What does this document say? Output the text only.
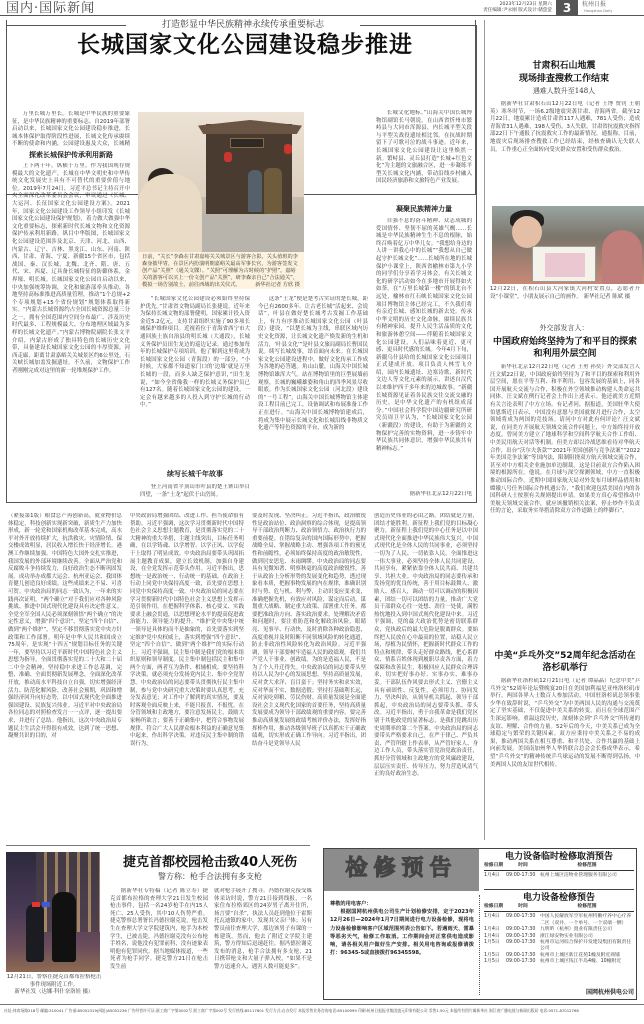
国内·国际新闻	2023年12月23日 星期六
责任编辑:尹永刚 版式设计:储萤萤 3	杭州日报
Hangzhou Daily
打造彰显中华民族精神永续传承重要标志
长城国家文化公园建设稳步推进

万里长城万里长。长城是中华民族的重要象征，是中华民族精神的重要标志。自2019年部署启动以来，长城国家文化公园建设稳步推进，长城本体保护取得阶段性进展，长城文化传承赓续不断的使命和内涵，公园建设惠及大众，长城精

探索长城保护传承利用新路

上下两千年，纵横十万里。作为我国现存规模最大的文化遗产，长城在中华文明史和中华传统文化发展史上具有不可替代的重要价值与地位。2019年7月24日，习近平总书记主持召开中央全面深化改革委员会会议，审议通过《长城、大运河、长征国家文化公园建设方案》。2021年，国家文化公园建设工作领导小组印发《长城国家文化公园建设保护规划》，着力做大做强中华文化重要标志，探索新时代长城文物和文化资源保护传承利用新路。纵目中华版图，长城国家文化公园建设范围涉及北京、天津、河北、山西、内蒙古、辽宁、吉林、黑龙江、山东、河南、陕西、甘肃、青海、宁夏、新疆15个省区市，包括战国、秦、汉长城，北魏、北齐、隋、唐、五代、宋、西夏、辽具备长城特征的防御体系，金界壕、明长城。长城国家文化公园自启动以来，中央加强统筹协调，文化和旅游部牵头推动，各地坚持高标准推进高质量管理，推动“1个总规+2个专项规划+15个省份规划”规划体系取得新实。“内蒙古长城资源约占全国长城资源总量三分之一，拥有全国范围内空间分布最广、涉及历史时代最多、工程规模最大、分布地理区域最为多样的长城文化遗产。”内蒙古博物院副院长张文平介绍，内蒙古形成了独具特色的长城历史文化带，具备建设长城国家文化公园的丰厚资源。河西走廊，距离甘肃嘉峪关关城景区约6公里处，石关峡长城加盖发掘遗址。不久前，文物保护工作者刚刚完成对这里的新一轮堆规保护工作。

日前，“关长”李森在甘肃嘉峪关关城景区与游客合影。关头值班的李森身披甲胄，在景区内扮演明朝嘉峪关最高军事长官，为游客签发文创产品“关照”（通关文牒）。“关照”可理解为古时候的“护照”。嘉峪关的游客可以买上一份文创产品“关照”，研李森亲自己“合法通关”，模拟一场告别故土、前往西域的出关仪式。	新华社记者 方欣 摄

“长城国家文化公园建设必须始终坚持保护优先。”甘肃省文物局副局长张捷说，近年来为保持长城文物的部署健明，国家累计投入资金近5.2亿元，支持甘肃组织实施了90多项长城保护维修项目。近视着位于青海省西宁市大通回族土族自治县的明长城（大通段），长城义务保护员田生龙边的巡边记录。通过参加每年的长城保护专项培训，他了解到这里将成为长城国家文化公园（青海段）的一部分。“小时候，大家都不知道家门口的‘边墙’就是万里长城的一段，而多人缺乏保护意识，”田生龙说，“如今全省像我一样的长城义务保护员已有127名。随着长城国家文化公园的建设，一定会有越来越多的人投入到守护长城的行动中。”

续写长城千年故事

登上河南省平顶山市叶县的楚王寨山举目四望，一条“土龙”起伏于山峦间。

这条“土龙”便是楚考古实证的楚长城，距今已有2600多年。让古老长城“活起来、会说话”，叶县在做好楚长城考古发掘工作基础上，有力有序推动长城国家文化公园（叶县段）建设，“以楚长城为主线，串联区域内历史文化资源，让长城文化遗产焕发新的生机和活力，‘叶县文化’”是叶县文旅局副局长曹国民说。续写长城故事，昂首面向未来。在长城国家文化公园建设进程中，做好文化传承工作成为各地的必答题。角山山麓，山海关中国长城博物馆雄浑大气。站在博物馆里的巨型展墙前观察，长城的巍峨雄姿和角山的四季风景尽收眼底。作为长城国家文化公园（河北段）建设的“一号工程”，山海关中国长城博物馆主体建设工程目前已完工，设备调试和布展准备工作正在进行。“山海关中国长城博物馆建成后，将成为集中展示长城文化和长城沿线非物质文化遗产等特色资源的平台，成为新的

长城文化地标。”山海关中国长城博物馆副馆长马朝说。在山西省忻州市繁峙县与大同市浑源县，内长城平型关段与平型关战役遗址相比邻。在抗战时期留下了可歌可泣的战斗事迹。近年来，长城国家文化公园建设让这里焕然一新。繁峙县、灵丘县打造“长城+红色文化”为主题的文旅融合区，进一步凝练平型关长城文化内涵，带动沿线乡村融入国民经济旅游和文旅特色产业发展。

凝聚民族精神力量

自强不息的奋斗精神、众志成城的爱国情怀、坚韧不屈的英雄气概……长城是中华民族精神生生不息的根脉，始终召唤着亿万中华儿女。“我想给身边的人讲一讲我心中的长城”“我想从自己做起守护长城文化”……长城所在地的长城保护小课堂上，陕西省榆林市第九小学的同学们分享着学习体会。有关长城文化的研学活动如今在多地市开展得如火如荼。在“万里长城第一楼”的镇北台不远处，榆林市红石峡长城国家文化公园项目博物馆主体已经完工，不久我们将有亲近长城、感知长城的新去处。传承中华文明的历史文化命脉，赓续民族共有精神家园。提升人民生活品质的文化和旅游休憩空间——伴随着长城国家文化公园建设，人们品味着更近、更可感、更具时代感的长城。今年4月下旬，新疆乌什县哈的长城国家文化公园项目正式建成开放。项目负责人林雪飞介绍，园内长城遗址、边塞诗歌、新时代文边人等文化元素的展示，讲述自汉代以来维护西千多年来的边城故事。“新疆长城资源见证着各民族交往交流交融的历史，是中华文化遗产的有机组成部分。”中国社会科学院中国边疆研究所研究员周卫平认为，“长城国家文化公园（新疆段）的建设，有助于为新疆的文物保护完善的实物资料，进一步铸牢中华民族共同体意识，增强中华民族共有精神标志。”

据新华社北京12月22日电

（紧接第1版）粮食总产再创新高，就业物价总体稳定，科技创新实现新突破，新质生产力加快形成，新一轮党和国家机构改革基本完成，高水平对外开放持续扩大，抗洪救灾、灾情险情、保交楼成效明显，居民收入增长快于经济增长。港澳工作继续加强。中国特色大国外交扎实推进，我国发展的外部环境继续改善。全面从严治党和反腐败斗争持续发力，良好政治生态不断巩固发展。成功举办成都大运会、杭州亚运会、我国体育健儿创造良好成绩。这些成绩来之不易、可喜可贺。中央政治局的同志一致认为，一年来的实践再次证明，“两个确立”对于我们应对各种风险挑战、推进中国式现代化建设具有决定性意义。全党全军全国人民必须深刻领悟“两个确立”的决定性意义，增强“四个意识”、坚定“四个自信”、做到“两个维护”，坚定不移贯彻落实党中央方针政策和工作部署。明年是中华人民共和国成立75周年，是实现“十四五”规划目标任务的关键一年，要坚持以习近平新时代中国特色社会主义思想为指导，全面贯彻落实党的二十大和二十届二中全会精神，坚持稳中求进工作总基调，完整、准确、全面贯彻新发展理念，全面深化改革开放，推动高水平科技自立自强，切实增强经济活力、防范化解风险、改善社会预期，巩固和增强经济回升向好态势，以中国式现代化全面推进强国建设、民族复兴伟业。习近平对中央政治局各位同志的对照检查发言一一点评，逐一提出要求，并进行了总结。他指出，这次中央政治局专题民主生活会开得很有成效，达到了统一思想、凝聚共识的目的，对

中央政治局增强团结、改进工作、担当使命很有帮助。习近平强调，这次学习贯彻新时代中国特色社会主义思想主题教育，是贯彻落实党的二十大精神的重大举措，主题主线突出，目标任务明确，在以学铸魂、以学增智、以学正风、以学促干上取得了明显成效。中央政治局要带头巩固拓展主题教育成果，建立长效机制，加强自身建设，在全党发挥示范带头作用。习近平指出，思想统一是政治统一、行动统一的基础。在政治上行动上同党中央保持高度一致，首先要在思想上同党中央保持高度一致。中央政治局的同志要在学习贯彻新时代中国特色社会主义思想上发挥示范引领作用，在把握科学体系、核心要义、实践要求上融会贯通，以思想理论水平的提高促进政治能力、领导能力的提升。“维护党中央集中统一领导是具体的而不是抽象的，首先要落实到坚定维护党中央权威上，落实到增强“四个意识”、坚定“四个自信”、做到“两个维护”的实际行动上。习近平强调，民主集中制是我们党的根本组织原则和领导制度。民主集中制包括民主和集中两个方面，两者互为条件、相辅相成。要坚持科学决策，就必须充分发扬党内民主、集中全党智慧。中央政治局的同志要带头贯彻执行民主集中制，参与党中央研究重大决策时要认真思考，充分发表意见；对工作中了解到的真实情况，要及时客观全面反映上来，不能只报喜、不报忧。在分管领域和主政地方，要注意发扬民主，鼓励大家畅所欲言；要善于正确集中，把符合事物发展规律、符合广大人民群众根本利益的正确意见集中起来，作出科学决策。对违反民主集中制的错误行为，

要及时发现、坚决纠正。习近平指出，政治敏锐性是政治站位、政治洞察的综合体现，是提高领导干部政治判断力、政治领悟力、政治执行力的重要前提。在错综复杂的国内国际形势中，把握战略全局、掌握战略主动、增强各项工作的预见性和前瞻性，必须始终保持高度的政治敏锐性，做到居安思危、未雨绸缪。中央政治局的同志要具有见微知著、明察秋毫的高度政治敏锐性，善于从政治上分析形势的发展变化和趋势，透过现象看本质，把握事物发展的内在规律，准确识别时与势、危与机、利与弊，主动识变应变求变，准确把握先机，有效应对风险，谋定而后动。谋划重大战略、制定重大政策、部署重大任务，都要把准政治方向、落实政治要求。处理解决矛盾和问题时，要注重防范和化解政治风险，眼睛亮、见事早、行动快，及时消除各种政治隐患，高度重视并及时阻断不同领域风险的转化通道，防止非政治性风险转化为政治风险。习近平强调，领导干部要树牢造福人民的政绩观。我们共产党人干事业、创政绩，为的是造福人民，不是为了个人升迁得失。中央政治局的同志要带头坚持以人民为中心的发展思想，坚持高质量发展，反对贪大求洋、盲目蛮干；坚持务实和求实效，反对华而不实、数据造假；坚持打基础利长远，反对寅吃卯粮、劳民伤财。高质量发展是全面建设社会主义现代化国家的首要任务，坚持高质量发展要成为领导干部政绩观的重要内容。要完善推动高质量发展的政绩考核评价办法，发挥好指挥棒作用，推动各级领导班子以真抓实干正确政绩观，切实形成正确工作导向。习近平指出，团结奋斗是党领导人民

创造历史伟业的必由之路。团结就是力量，团结才能胜利。新征程上我们党的目标凝心聚力，新征程上我们党的中心任务是以中国式现代化全面推进中华民族伟大复兴。中国式现代化是全体人民的共同事业，必须坚持一切为了人民、一切依靠人民。全面推进这一伟大事业，必须坚持全体人民共同建设、共同享有，紧紧依靠全体人民共商、共建共享、共担大业。中央政治局的同志要传承和发扬党的优良传统，善于用目标鼓舞人、激励人、感召人，调动一切可以调动的积极因素，团结一切可以团结的力量，推动广大党员干部群众心往一处想、劲往一处使，满腔热忱地投入到中国式现代化建设中来。习近平强调，党的最大政治优势是密切联系群众，党执政后的最大危险是脱离群众。要始终把人民放在心中最高的位置，站稳人民立场，厚植为民情怀，把握新时代群众工作的特点和规律，带头走好群众路线，把心系群众、情系百姓体现到履职尽责各方面，着力保障和改善民生，积极回应人民群众合理诉求，切实把好事办好、实事办实、难事办妥。干部队伍作风要去形式主义、官僚主义具有顽固性、反复性，必须用力、协同发力、坚决纠治，从领导机关抓起、领导干部抓起，中央政治局的同志要带头抓、带头改。习近平指出，勇于自我革命是我们党区别于其他政党的显著标志，是我们党跳出历史周期率的第二个答案。中央政治局的同志要带头严格要求自己，在严于律己、严负其责、严管所辖上作表率，从严管好家人、身边工作人员，带头落实管党治党政治责任，抓好分管领域和主政地方的党风廉政建设，层层压实责任、传导压力，努力营造风清气正的良好政治生态。

甘肃积石山地震
现场排查搜救工作结束
遇难人数升至148人

据新华社甘肃积石山12月22日电（记者 王博 贾钊 王朝英）寒冬时节，一场6.2级地震突袭甘肃、青海两省。截至12月22日，地震累计造成甘肃省117人遇难，781人受伤；造成青海省31人遇难，198人受伤，3人失联。甘肃省抗震救灾指挥部22日下午通报了抗震救灾工作的最新情况。通报称，目前，地震灾后现场排查搜救工作已经结束，经核查确认无失联人员。工作重心正全面转向受灾群众安置和受伤群众救治。

12月22日，在积石山县大河家镇大河村安置点，志愿者开设“小课堂”，小朋友展示自己的画作。 新华社记者 陈斌 摄
外交部发言人：
中国政府始终坚持为了和平目的探索和利用外层空间

新华社北京12月22日电（记者 王勇 孙奕）外交部发言人汪文斌22日说，中国政府始终坚持为了和平目的探索和利用外层空间，愿在平等互利、和平利用、包容发展的基础上，同各国开展航天交流与合作，积极在外空领域推动构建人类命运共同体。汪文斌在例行记者会上作出上述表示。他还就美方近期有关言论表明了中方立场。有记者问，据报道，美国驻华大使伯恩斯近日表示，中国没有意愿与美国就探月进行合作，太空领域将成为两国的竞技场。请问中方对此有何评论？汪文斌说，在同美方开展航天领域交流合作问题上，中方始终持开放态度，曾同美方建立了地球科学和空间科学航天合作工作组、中美民用航天对话等机制。但美方却以冷战思维看待对华航天合作，出台“沃尔夫条款”“2021年美国创新与竞争法案”“2022年美国竞争法案”等国内法，限制阻挠双方航天领域交流合作，甚至对中方相关企业施加单边制裁。这是目前双方合作陷入困境的根源所在。他说，在月球与深空探测领域，中方一直积极推动国际合作。近期中国国家航天局对外发布月球样品借用和嫦娥八号任务国际合作机遇公告，“我们欢迎包括美国在内的各国科研人士按照有关规则提出申请。如果美方真心希望推动中美航天领域交流合作，就应该撤销相关法案，停止炒作不负责任的言论，采取务实举措清除双方合作道路上的绊脚石”。

中美“乒乓外交”52周年纪念活动在洛杉矶举行

据新华社洛杉矶12月21日电（记者 谭晶晶）纪念中美“乒乓外交”52周年论坛暨晚宴20日在美国加利福尼亚州洛杉矶市举行，两国各界人士数百人参加活动。中国驻洛杉矶总领事张少华在致辞时说，“乒乓外交”为中美两国人民的沟通与交流奠定了坚实基础，不仅促进中美关系的转变，而且在全球范围产生深远影响。重温这段历史，深刻体会到“乒乓外交”所传递的友谊、理解、合作的力量。52年后的今天，中美关系已成为全球稳定与繁荣的关键因素。双方应秉持中美关系之不易的成果，推动两国关系在相互尊重、和平共处、合作共赢的基础上向前发展。美国南加州华人华侨联合总会会长蔡成华表示，希望“乒乓外交”的精神传统乒乓球运动的发展不断得到弘扬，中美两国人民的友谊世代相传。

12月21日，警察在捷克首都布拉格枪击事件现场附近工作。
新华社发（达娜·科什奈洛娃 摄）
捷克首都校园枪击致40人死伤
警方称：枪手合法拥有多支枪

据新华社专特稿（记者 陈立寿）捷克首都布拉格的查理大学21日发生校园枪击事件，包括一名24岁枪手在内15人死亡、25人受伤，其中10人伤势严重。捷克警察总署署长冯德拉谢克说，枪击发生在查理大学文学院建筑内，枪手为本校学生，已被击毙。冯德拉谢克没有公布枪手姓名，说他没有犯罪前科，没有迹象表明他有犯罪同伙。据当地媒体报道，一些死者为枪手同学。捷克警方21日在枪击发生前

就对枪手展开了搜寻。冯德拉谢克接受媒体采访时说，警方21日接到线报，一名家住布拉格郊区的24岁男子离开住所，扬言要“自杀”，执法人员赶到他位于霍斯托瓦迪镇的家中，发现其父亲尸体；另有警员前往查理大学，那边该男子有课的一栋建筑。然而，他去了附近文学院主建筑，警方得知后迅速赶往。据冯德拉谢克发布的消息，枪手合法拥有多支枪，21日携带枪支和大量子弹入校，“如果不是警方迅速介入，遇害人数可能更多”。

检修预告
尊敬的用电客户：

根据国网杭州供电公司生产计划检修安排，定于2023年12月26日—2024年1月7日期间进行电力设备检修，现将电力设备检修影响客户区域范围列表公告如下。若遇雨天、雷暴等恶劣天气，检修工作取消。工作期间会对正常供电造成影响，请各相关用户做好生产安排。相关用电咨询或报修请拨打：96345-5或直接拨打96345598。

电力设备临时检修取消预告
检修日期	时间	检修范围
1月4日	09:00-17:30 杭州上城区洁物业管理服务有限公司
电力设备检修预告
检修日期	时间	检修范围
1月4日	09:00-17:30 中国人民解放军空军杭州特勤疗养中心疗养二区（双井、一个单号、一个双端一侧）
1月4日	09:00-17:30 九明昕（杭州）置业有限责任公司
1月4日	09:00-17:30 浙江绿安物实业有限公司
1月5日	09:00-17:30 杭州市运河综合保护开发建设集团有限责任公司
1月5日	09:00-17:30 杭州市上城区新江花苑1幢及附近商铺
1月5日	09:00-17:30 杭州市上城区钱江半岛4幢、10幢附近
国网杭州供电公司
社址:体育场路218号 邮编:310041 广告部:85052319(网址)85052236 广告经营许可证:浙工商广字第0002号 浙工商广字第002号 发行热线:85117601 发行方式:自办发行 本报零售业务咨询电话:85100999 印刷:杭州日报报业集团盛元印务有限公司 零售1.50元 本报所有图片属新华社 浙江省广播电视与新闻出版局 电话:0571-87012766
